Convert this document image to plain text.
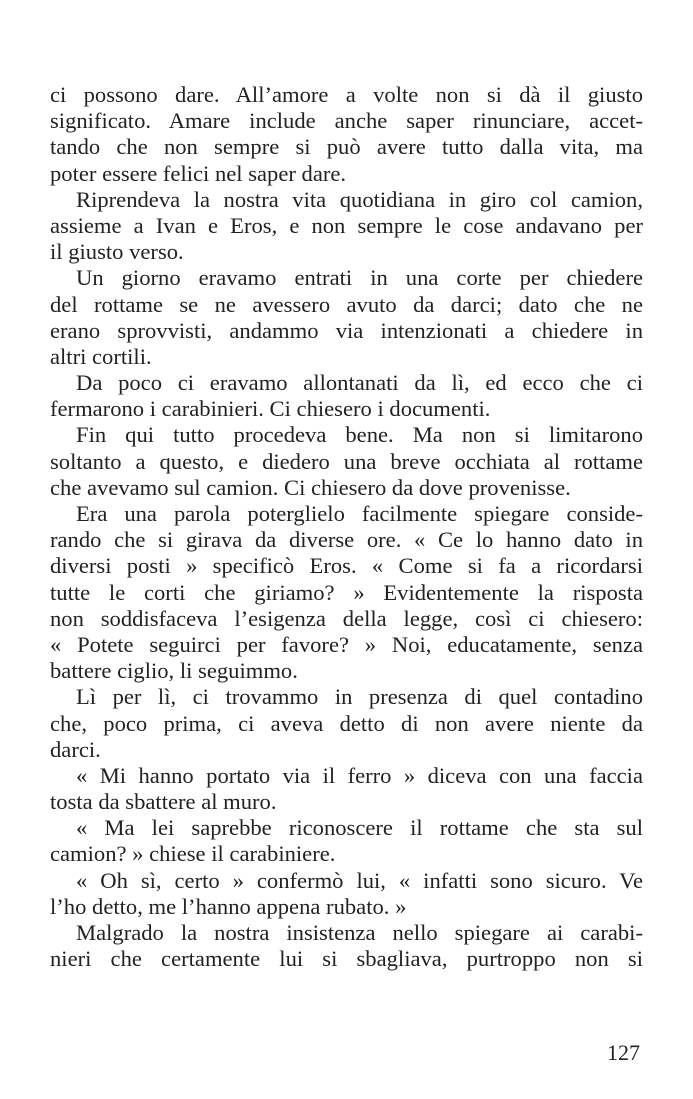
ci possono dare. All’amore a volte non si dà il giusto
significato. Amare include anche saper rinunciare, accet-
tando che non sempre si può avere tutto dalla vita, ma
poter essere felici nel saper dare.
Riprendeva la nostra vita quotidiana in giro col camion,
assieme a Ivan e Eros, e non sempre le cose andavano per
il giusto verso.
Un giorno eravamo entrati in una corte per chiedere
del rottame se ne avessero avuto da darci; dato che ne
erano sprovvisti, andammo via intenzionati a chiedere in
altri cortili.
Da poco ci eravamo allontanati da lì, ed ecco che ci
fermarono i carabinieri. Ci chiesero i documenti.
Fin qui tutto procedeva bene. Ma non si limitarono
soltanto a questo, e diedero una breve occhiata al rottame
che avevamo sul camion. Ci chiesero da dove provenisse.
Era una parola poterglielo facilmente spiegare conside-
rando che si girava da diverse ore. « Ce lo hanno dato in
diversi posti » specificò Eros. « Come si fa a ricordarsi
tutte le corti che giriamo? » Evidentemente la risposta
non soddisfaceva l’esigenza della legge, così ci chiesero:
« Potete seguirci per favore? » Noi, educatamente, senza
battere ciglio, li seguimmo.
Lì per lì, ci trovammo in presenza di quel contadino
che, poco prima, ci aveva detto di non avere niente da
darci.
« Mi hanno portato via il ferro » diceva con una faccia
tosta da sbattere al muro.
« Ma lei saprebbe riconoscere il rottame che sta sul
camion? » chiese il carabiniere.
« Oh sì, certo » confermò lui, « infatti sono sicuro. Ve
l’ho detto, me l’hanno appena rubato. »
Malgrado la nostra insistenza nello spiegare ai carabi-
nieri che certamente lui si sbagliava, purtroppo non si
127
